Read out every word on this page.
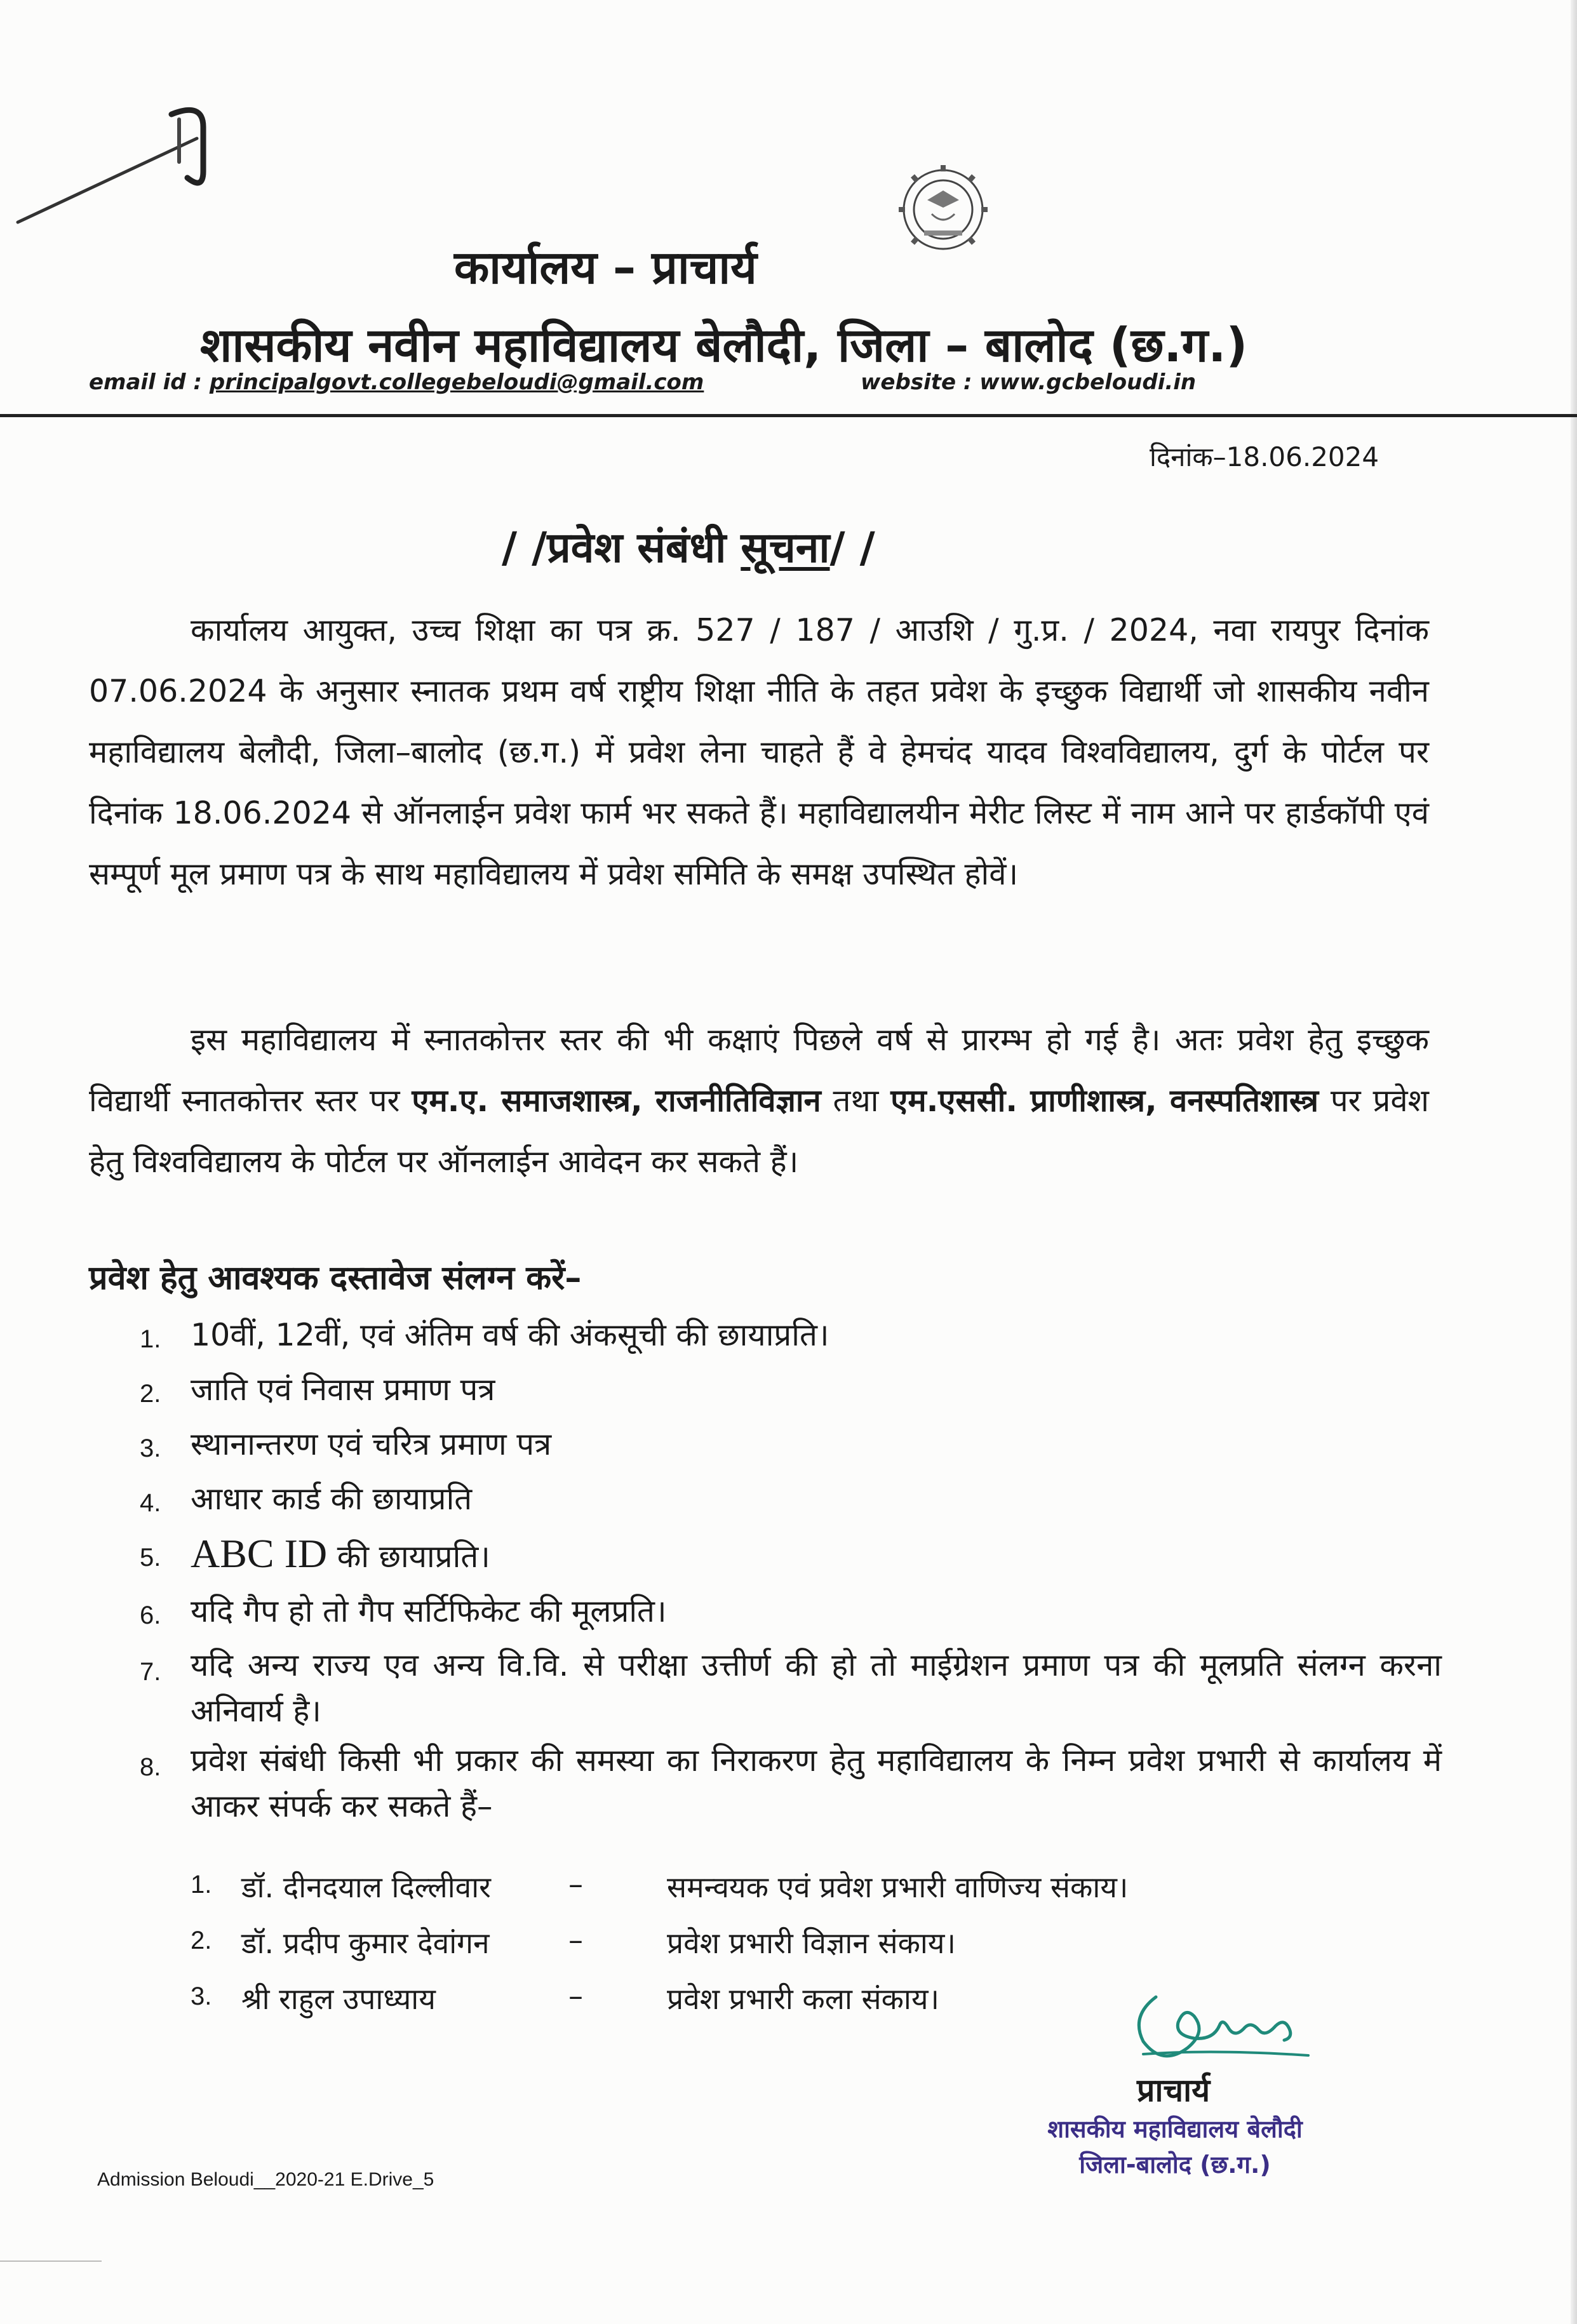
कार्यालय – प्राचार्य
शासकीय नवीन महाविद्यालय बेलौदी, जिला – बालोद (छ.ग.)
email id : principalgovt.collegebeloudi@gmail.com	website : www.gcbeloudi.in
दिनांक–18.06.2024
/ /प्रवेश संबंधी सूचना/ /
कार्यालय आयुक्त, उच्च शिक्षा का पत्र क्र. 527 / 187 / आउशि / गु.प्र. / 2024, नवा रायपुर दिनांक 07.06.2024 के अनुसार स्नातक प्रथम वर्ष राष्ट्रीय शिक्षा नीति के तहत प्रवेश के इच्छुक विद्यार्थी जो शासकीय नवीन महाविद्यालय बेलौदी, जिला–बालोद (छ.ग.) में प्रवेश लेना चाहते हैं वे हेमचंद यादव विश्वविद्यालय, दुर्ग के पोर्टल पर दिनांक 18.06.2024 से ऑनलाईन प्रवेश फार्म भर सकते हैं। महाविद्यालयीन मेरीट लिस्ट में नाम आने पर हार्डकॉपी एवं सम्पूर्ण मूल प्रमाण पत्र के साथ महाविद्यालय में प्रवेश समिति के समक्ष उपस्थित होवें।
इस महाविद्यालय में स्नातकोत्तर स्तर की भी कक्षाएं पिछले वर्ष से प्रारम्भ हो गई है। अतः प्रवेश हेतु इच्छुक विद्यार्थी स्नातकोत्तर स्तर पर एम.ए. समाजशास्त्र, राजनीतिविज्ञान तथा एम.एससी. प्राणीशास्त्र, वनस्पतिशास्त्र पर प्रवेश हेतु विश्वविद्यालय के पोर्टल पर ऑनलाईन आवेदन कर सकते हैं।
प्रवेश हेतु आवश्यक दस्तावेज संलग्न करें–
1. 10वीं, 12वीं, एवं अंतिम वर्ष की अंकसूची की छायाप्रति।
2. जाति एवं निवास प्रमाण पत्र
3. स्थानान्तरण एवं चरित्र प्रमाण पत्र
4. आधार कार्ड की छायाप्रति
5. ABC ID की छायाप्रति।
6. यदि गैप हो तो गैप सर्टिफिकेट की मूलप्रति।
7. यदि अन्य राज्य एव अन्य वि.वि. से परीक्षा उत्तीर्ण की हो तो माईग्रेशन प्रमाण पत्र की मूलप्रति संलग्न करना अनिवार्य है।
8. प्रवेश संबंधी किसी भी प्रकार की समस्या का निराकरण हेतु महाविद्यालय के निम्न प्रवेश प्रभारी से कार्यालय में आकर संपर्क कर सकते हैं–
1. डॉ. दीनदयाल दिल्लीवार	–	समन्वयक एवं प्रवेश प्रभारी वाणिज्य संकाय।
2. डॉ. प्रदीप कुमार देवांगन	–	प्रवेश प्रभारी विज्ञान संकाय।
3. श्री राहुल उपाध्याय	–	प्रवेश प्रभारी कला संकाय।
प्राचार्य
शासकीय महाविद्यालय बेलौदी
जिला-बालोद (छ.ग.)
Admission Beloudi__2020-21 E.Drive_5
